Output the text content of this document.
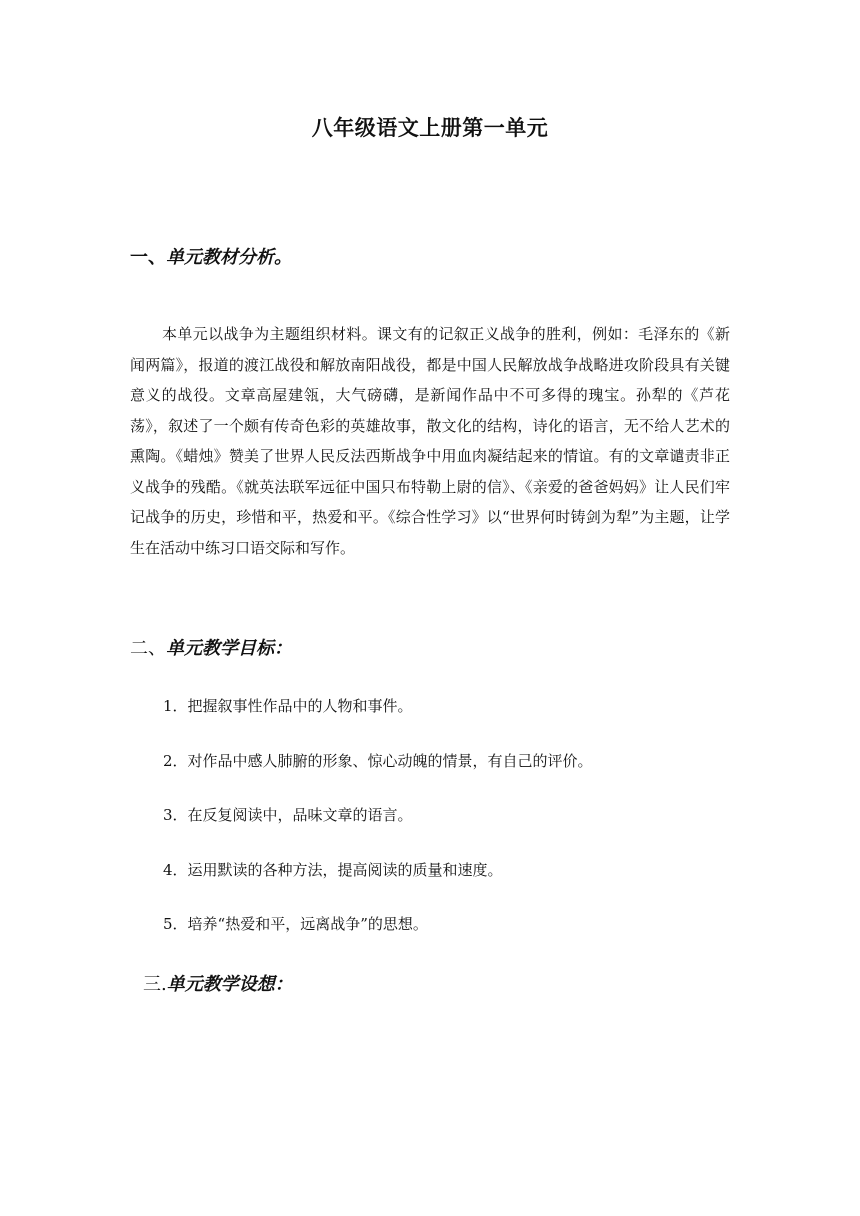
八年级语文上册第一单元
一、单元教材分析。

本单元以战争为主题组织材料。课文有的记叙正义战争的胜利，例如：毛泽东的《新闻两篇》，报道的渡江战役和解放南阳战役，都是中国人民解放战争战略进攻阶段具有关键意义的战役。文章高屋建瓴，大气磅礴，是新闻作品中不可多得的瑰宝。孙犁的《芦花荡》，叙述了一个颇有传奇色彩的英雄故事，散文化的结构，诗化的语言，无不给人艺术的熏陶。《蜡烛》赞美了世界人民反法西斯战争中用血肉凝结起来的情谊。有的文章谴责非正义战争的残酷。《就英法联军远征中国只布特勒上尉的信》、《亲爱的爸爸妈妈》让人民们牢记战争的历史，珍惜和平，热爱和平。《综合性学习》以“世界何时铸剑为犁”为主题，让学生在活动中练习口语交际和写作。

二、单元教学目标：
1．把握叙事性作品中的人物和事件。
2．对作品中感人肺腑的形象、惊心动魄的情景，有自己的评价。
3．在反复阅读中，品味文章的语言。
4．运用默读的各种方法，提高阅读的质量和速度。
5．培养“热爱和平，远离战争”的思想。
三.单元教学设想：
